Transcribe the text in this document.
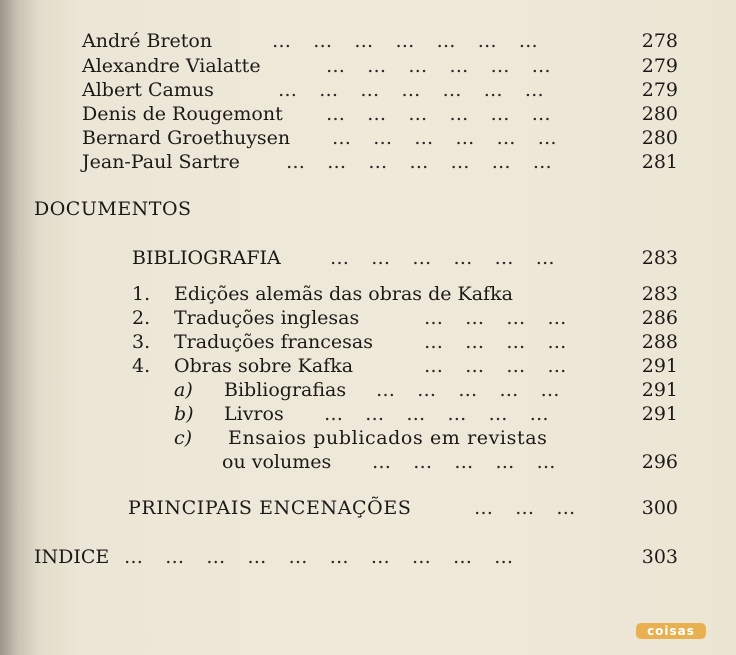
André Breton	…   …   …   …   …   …   …	278
Alexandre Vialatte	…   …   …   …   …   …	279
Albert Camus	…   …   …   …   …   …   …	279
Denis de Rougemont …   …   …   …   …   …	280
Bernard Groethuysen …   …   …   …   …   …	280
Jean-Paul Sartre …   …   …   …   …   …   …	281
DOCUMENTOS
BIBLIOGRAFIA	…   …   …   …   …   …	283
1. Edições alemãs das obras de Kafka	283
2. Traduções inglesas	…   …   …   …	286
3. Traduções francesas	…   …   …   …	288
4. Obras sobre Kafka	…   …   …   …	291
a) Bibliografias …   …   …   …   …	291
b) Livros …   …   …   …   …   …	291
c) Ensaios publicados em revistas
ou volumes …   …   …   …   …	296
PRINCIPAIS ENCENAÇÕES	…   …   …	300
INDICE …   …   …   …   …   …   …   …   …   …	303
coisas
